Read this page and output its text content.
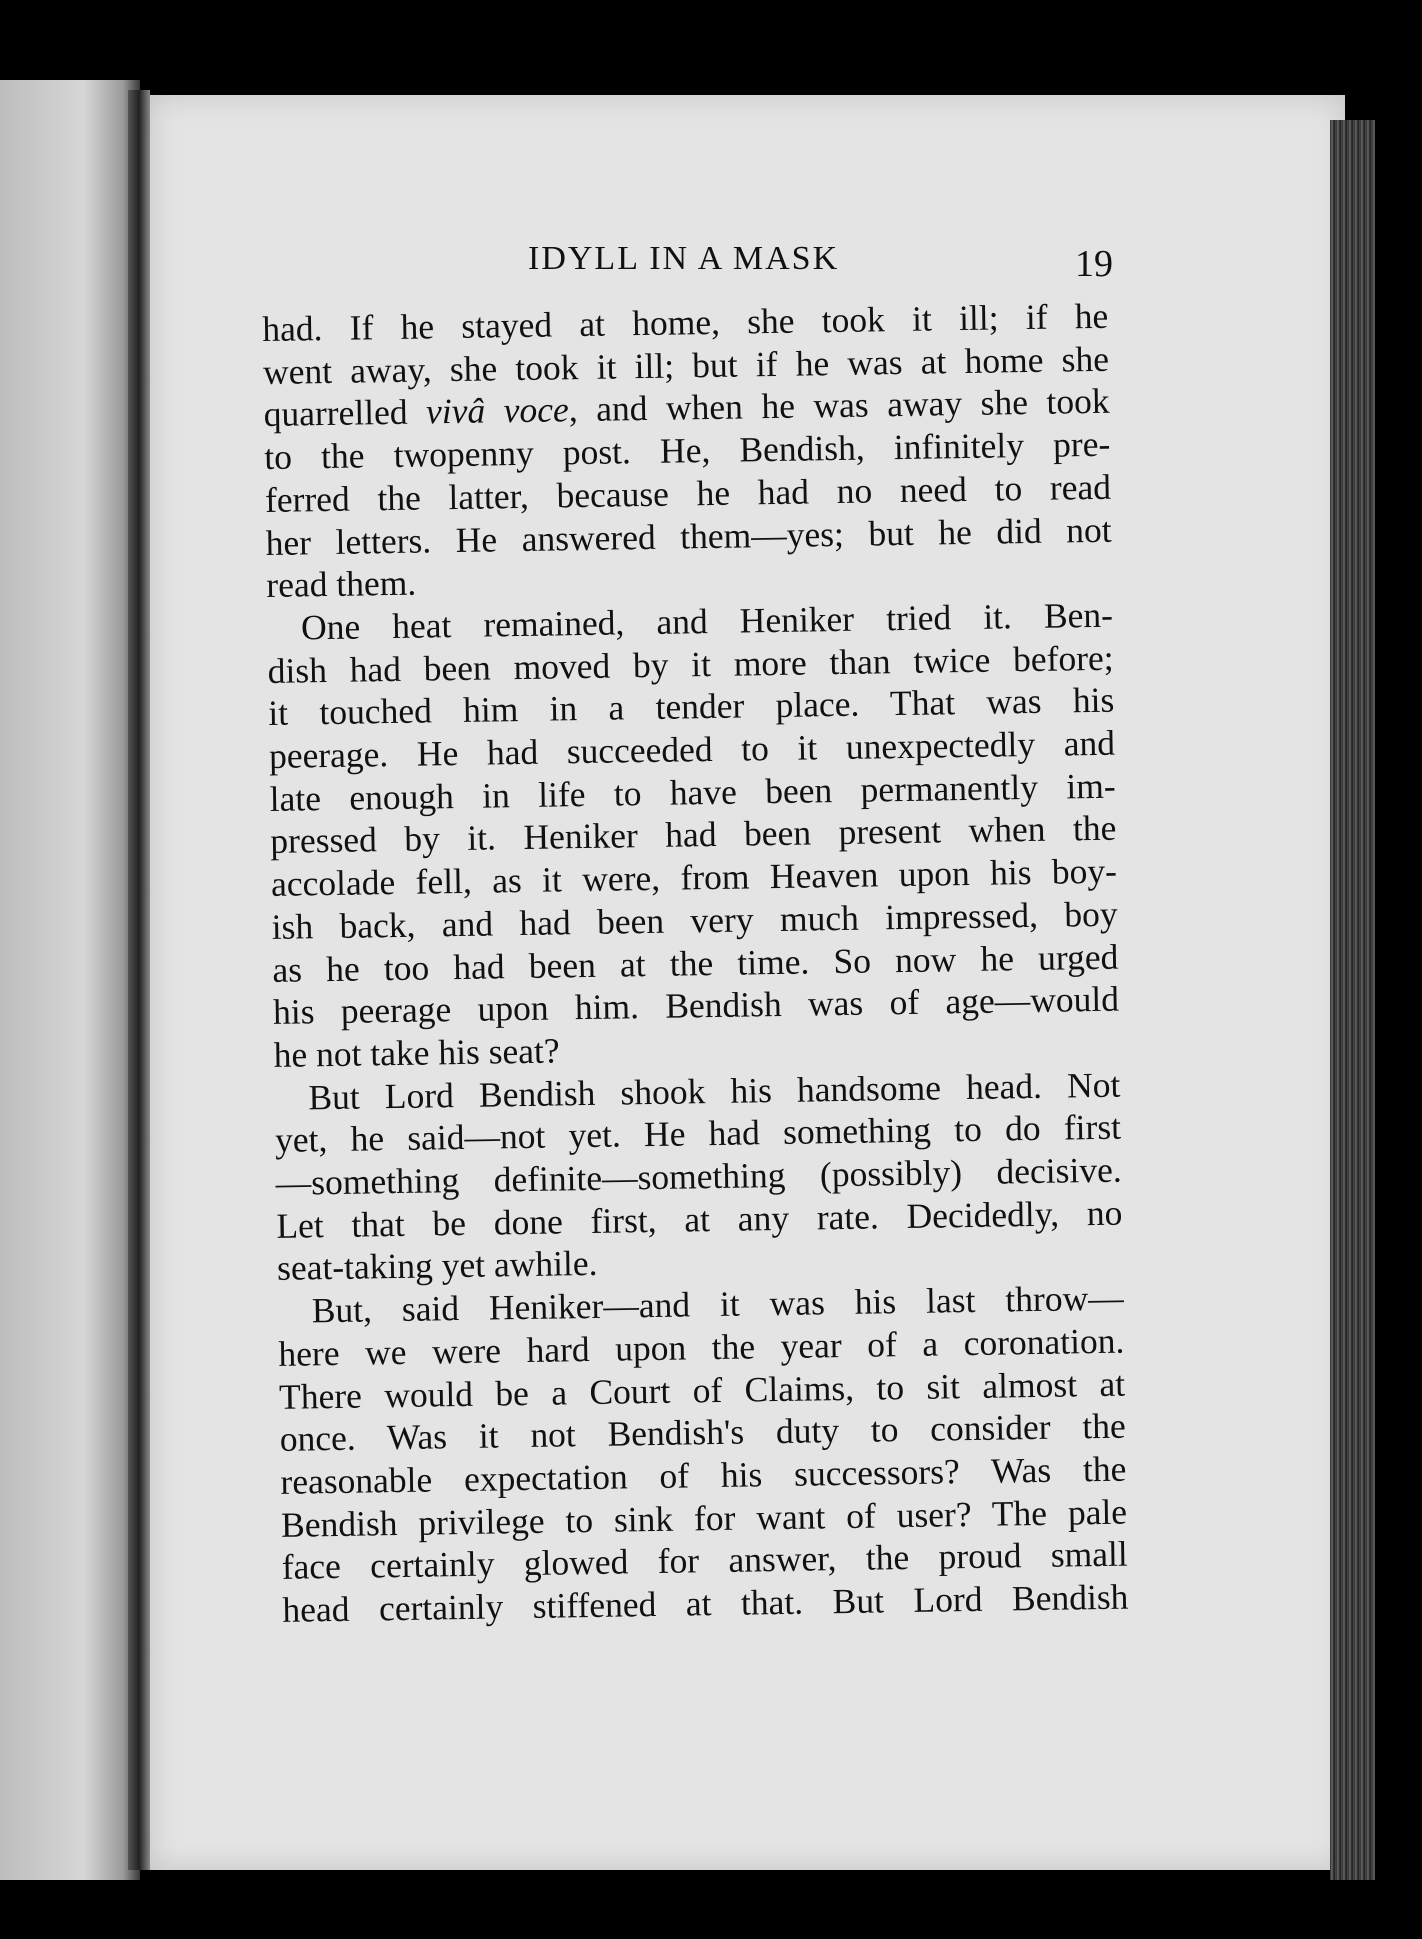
IDYLL IN A MASK	19
had. If he stayed at home, she took it ill; if he
went away, she took it ill; but if he was at home she
quarrelled vivâ voce, and when he was away she took
to the twopenny post. He, Bendish, infinitely pre-
ferred the latter, because he had no need to read
her letters. He answered them—yes; but he did not
read them.
One heat remained, and Heniker tried it. Ben-
dish had been moved by it more than twice before;
it touched him in a tender place. That was his
peerage. He had succeeded to it unexpectedly and
late enough in life to have been permanently im-
pressed by it. Heniker had been present when the
accolade fell, as it were, from Heaven upon his boy-
ish back, and had been very much impressed, boy
as he too had been at the time. So now he urged
his peerage upon him. Bendish was of age—would
he not take his seat?
But Lord Bendish shook his handsome head. Not
yet, he said—not yet. He had something to do first
—something definite—something (possibly) decisive.
Let that be done first, at any rate. Decidedly, no
seat-taking yet awhile.
But, said Heniker—and it was his last throw—
here we were hard upon the year of a coronation.
There would be a Court of Claims, to sit almost at
once. Was it not Bendish's duty to consider the
reasonable expectation of his successors? Was the
Bendish privilege to sink for want of user? The pale
face certainly glowed for answer, the proud small
head certainly stiffened at that. But Lord Bendish
